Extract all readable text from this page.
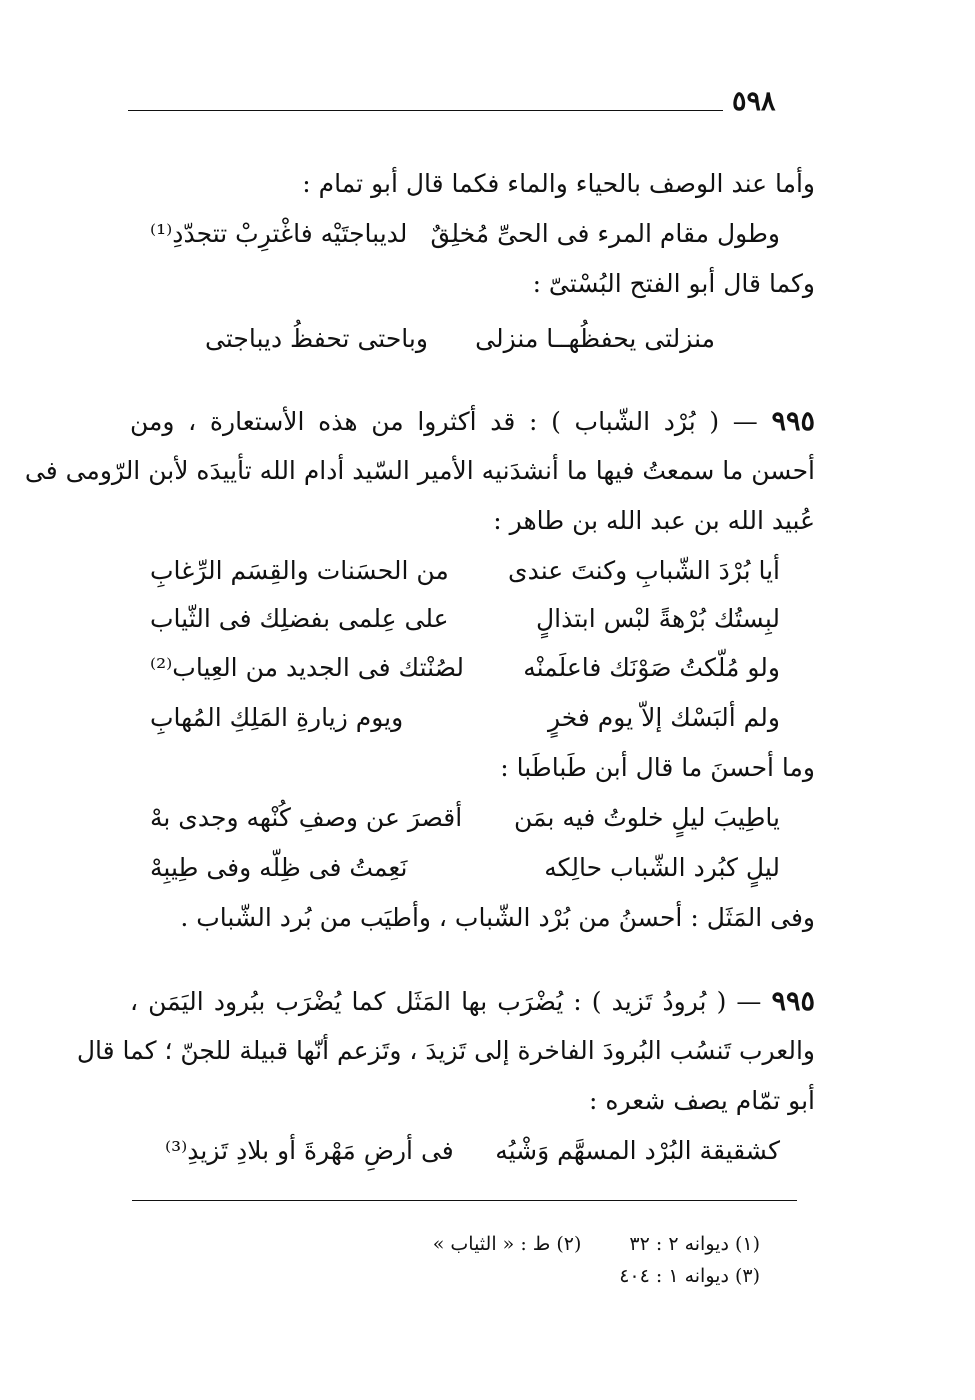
٥٩٨
وأما عند الوصف بالحياء والماء فكما قال أبو تمام :
وطول مقام المرء فى الحىِّ مُخلِقٌ
لديباجتَيْه فاغْترِبْ تتجدّدِ⁽¹⁾
وكما قال أبو الفتح البُسْتىّ :
منزلتى يحفظُهــا منزلى
وباحتى تحفظُ ديباجتى
٩٩٥ — ( بُرْد الشّباب ) : قد أكثروا من هذه الأستعارة ، ومن
أحسن ما سمعتُ فيها ما أنشدَنيه الأمير السّيد أدام الله تأييدَه لأبن الرّومى فى
عُبيد الله بن عبد الله بن طاهر :
أيا بُرْدَ الشّبابِ وكنتَ عندى
من الحسَنات والقِسَم الرِّغابِ
لبِستُك بُرْهةً لبْس ابتذالٍ
على عِلمى بفضلِك فى الثّياب
ولو مُلّكتُ صَوْنَك فاعلَمنْه
لصُنْتك فى الجديد من العِياب⁽²⁾
ولم ألبَسْك إلاّ يوم فخرٍ
ويوم زيارةِ المَلِكِ المُهابِ
وما أحسنَ ما قال أبن طَباطَبا :
ياطِيبَ ليلٍ خلوتُ فيه بمَن
أقصرَ عن وصفِ كُنْهه وجدى بهْ
ليلٍ كبُرد الشّباب حالِكه
نَعِمتُ فى ظِلّه وفى طِيبِهْ
وفى المَثَل : أحسنُ من بُرْد الشّباب ، وأطيَب من بُرد الشّباب .
٩٩٥ — ( بُرودُ تَزيد ) : يُضْرَب بها المَثَل كما يُضْرَب ببُرود اليَمَن ،
والعرب تَنسُب البُرودَ الفاخرة إلى تَزيدَ ، وتَزعم أنّها قبيلة للجنّ ؛ كما قال
أبو تمّام يصف شعره :
كشقيقة البُرْد المسهَّم وَشْيُه
فى أرضِ مَهْرةَ أو بلادِ تَزيدِ⁽³⁾
(١) ديوانه ٢ : ٣٢(٢) ط : « الثياب »
(٣) ديوانه ١ : ٤٠٤
